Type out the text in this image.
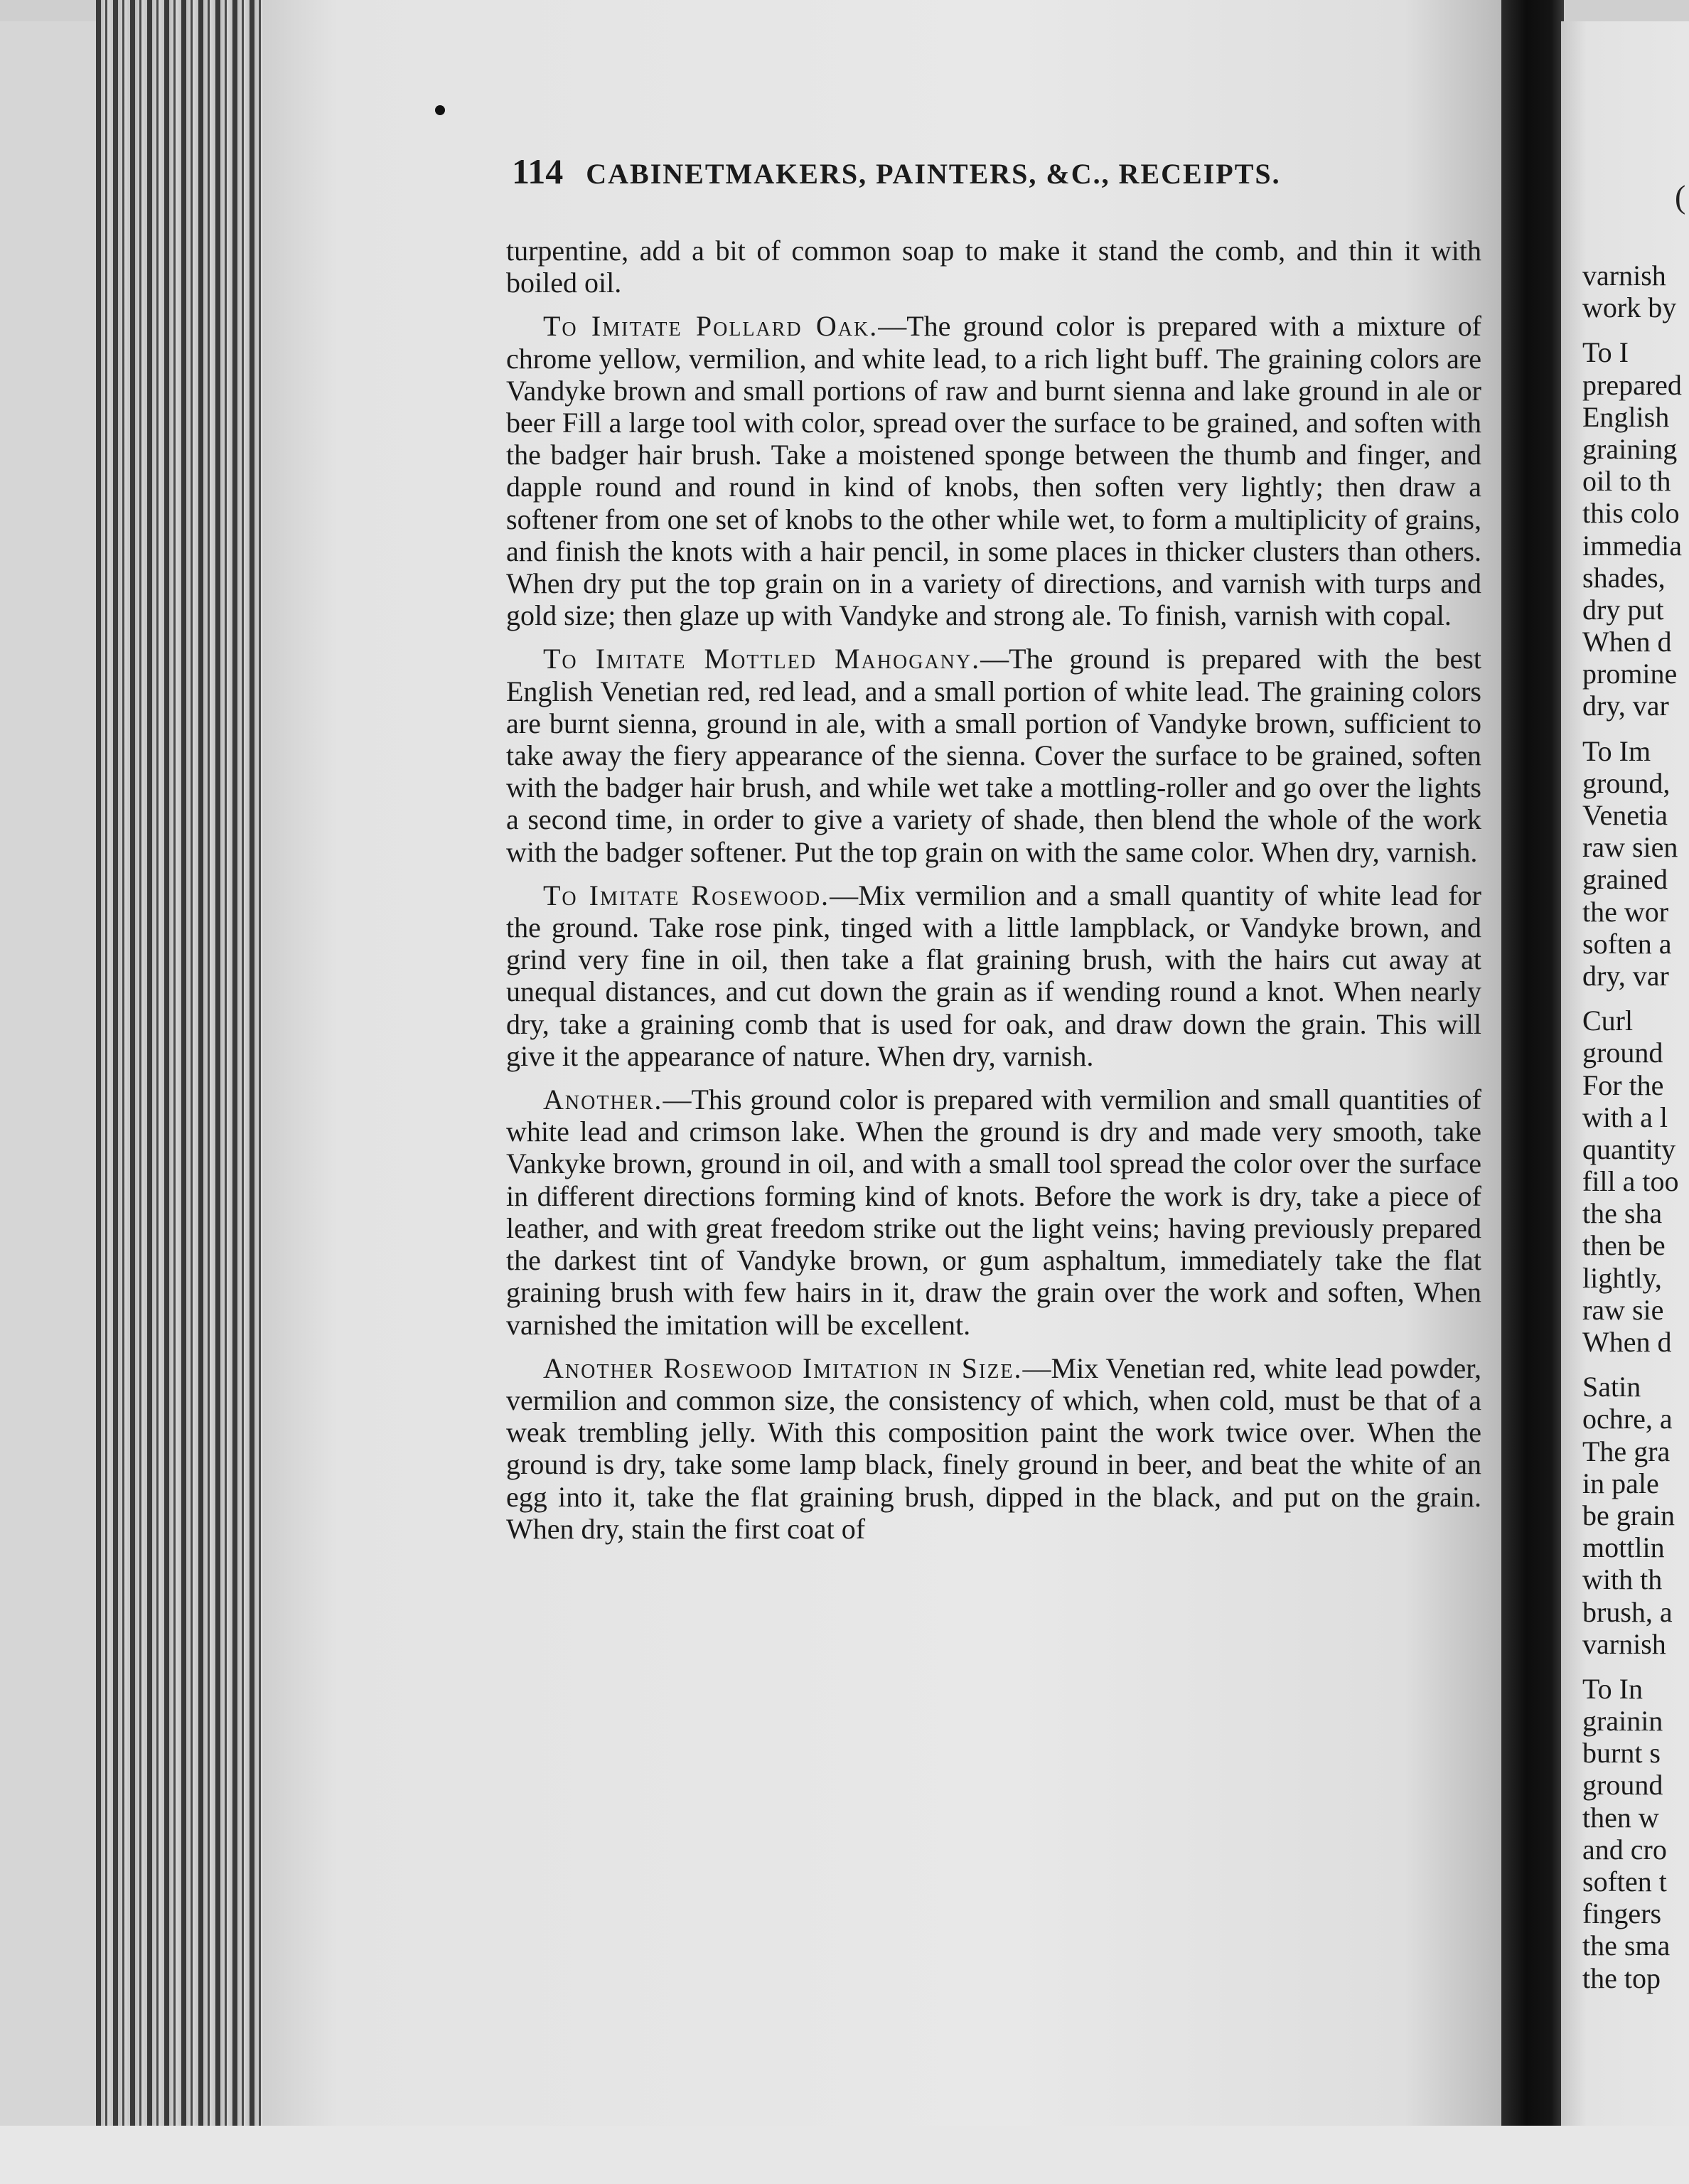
114 CABINETMAKERS, PAINTERS, &C., RECEIPTS.

turpentine, add a bit of common soap to make it stand the comb, and thin it with boiled oil.

To Imitate Pollard Oak.—The ground color is prepared with a mixture of chrome yellow, vermilion, and white lead, to a rich light buff. The graining colors are Vandyke brown and small portions of raw and burnt sienna and lake ground in ale or beer Fill a large tool with color, spread over the surface to be grained, and soften with the badger hair brush. Take a moistened sponge between the thumb and finger, and dapple round and round in kind of knobs, then soften very lightly; then draw a softener from one set of knobs to the other while wet, to form a multiplicity of grains, and finish the knots with a hair pencil, in some places in thicker clusters than others. When dry put the top grain on in a variety of directions, and varnish with turps and gold size; then glaze up with Vandyke and strong ale. To finish, varnish with copal.

To Imitate Mottled Mahogany.—The ground is prepared with the best English Venetian red, red lead, and a small portion of white lead. The graining colors are burnt sienna, ground in ale, with a small portion of Vandyke brown, sufficient to take away the fiery appearance of the sienna. Cover the surface to be grained, soften with the badger hair brush, and while wet take a mottling-roller and go over the lights a second time, in order to give a variety of shade, then blend the whole of the work with the badger softener. Put the top grain on with the same color. When dry, varnish.

To Imitate Rosewood.—Mix vermilion and a small quantity of white lead for the ground. Take rose pink, tinged with a little lampblack, or Vandyke brown, and grind very fine in oil, then take a flat graining brush, with the hairs cut away at unequal distances, and cut down the grain as if wending round a knot. When nearly dry, take a graining comb that is used for oak, and draw down the grain. This will give it the appearance of nature. When dry, varnish.

Another.—This ground color is prepared with vermilion and small quantities of white lead and crimson lake. When the ground is dry and made very smooth, take Vankyke brown, ground in oil, and with a small tool spread the color over the surface in different directions forming kind of knots. Before the work is dry, take a piece of leather, and with great freedom strike out the light veins; having previously prepared the darkest tint of Vandyke brown, or gum asphaltum, immediately take the flat graining brush with few hairs in it, draw the grain over the work and soften, When varnished the imitation will be excellent.

Another Rosewood Imitation in Size.—Mix Venetian red, white lead powder, vermilion and common size, the consistency of which, when cold, must be that of a weak trembling jelly. With this composition paint the work twice over. When the ground is dry, take some lamp black, finely ground in beer, and beat the white of an egg into it, take the flat graining brush, dipped in the black, and put on the grain. When dry, stain the first coat of

(
varnish
work by
To I
prepared
English
graining
oil to th
this colo
immedia
shades,
dry put
When d
promine
dry, var
To Im
ground,
Venetia
raw sien
grained
the wor
soften a
dry, var
Curl
ground
For the
with a l
quantity
fill a too
the sha
then be
lightly,
raw sie
When d
Satin
ochre, a
The gra
in pale
be grain
mottlin
with th
brush, a
varnish
To In
grainin
burnt s
ground
then w
and cro
soften t
fingers
the sma
the top
